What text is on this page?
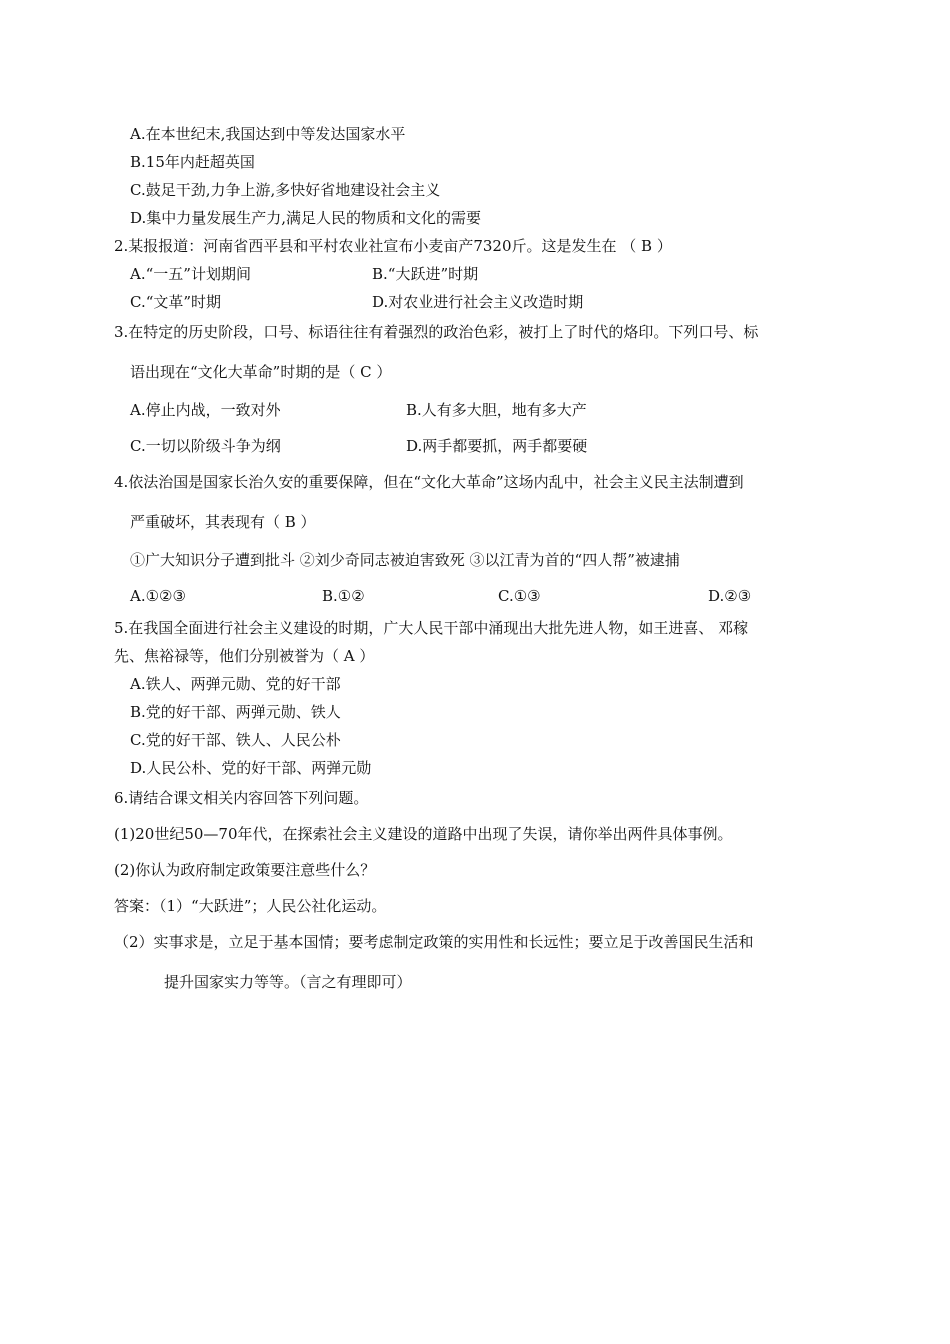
A.在本世纪末,我国达到中等发达国家水平
B.15年内赶超英国
C.鼓足干劲,力争上游,多快好省地建设社会主义
D.集中力量发展生产力,满足人民的物质和文化的需要
2.某报报道：河南省西平县和平村农业社宣布小麦亩产7320斤。这是发生在 （ B ）
A.“一五”计划期间	B.“大跃进”时期
C.“文革”时期	D.对农业进行社会主义改造时期
3.在特定的历史阶段，口号、标语往往有着强烈的政治色彩，被打上了时代的烙印。下列口号、标
语出现在“文化大革命”时期的是（ C ）
A.停止内战，一致对外	B.人有多大胆，地有多大产
C.一切以阶级斗争为纲	D.两手都要抓，两手都要硬
4.依法治国是国家长治久安的重要保障，但在“文化大革命”这场内乱中，社会主义民主法制遭到
严重破坏，其表现有（ B ）
①广大知识分子遭到批斗 ②刘少奇同志被迫害致死 ③以江青为首的“四人帮”被逮捕
A.①②③	B.①②	C.①③	D.②③
5.在我国全面进行社会主义建设的时期，广大人民干部中涌现出大批先进人物，如王进喜、 邓稼
先、焦裕禄等，他们分别被誉为（ A ）
A.铁人、两弹元勋、党的好干部
B.党的好干部、两弹元勋、铁人
C.党的好干部、铁人、人民公朴
D.人民公朴、党的好干部、两弹元勋
6.请结合课文相关内容回答下列问题。
(1)20世纪50—70年代，在探索社会主义建设的道路中出现了失误，请你举出两件具体事例。
(2)你认为政府制定政策要注意些什么？
答案：（1）“大跃进”；人民公社化运动。
（2）实事求是，立足于基本国情；要考虑制定政策的实用性和长远性；要立足于改善国民生活和
提升国家实力等等。（言之有理即可）
